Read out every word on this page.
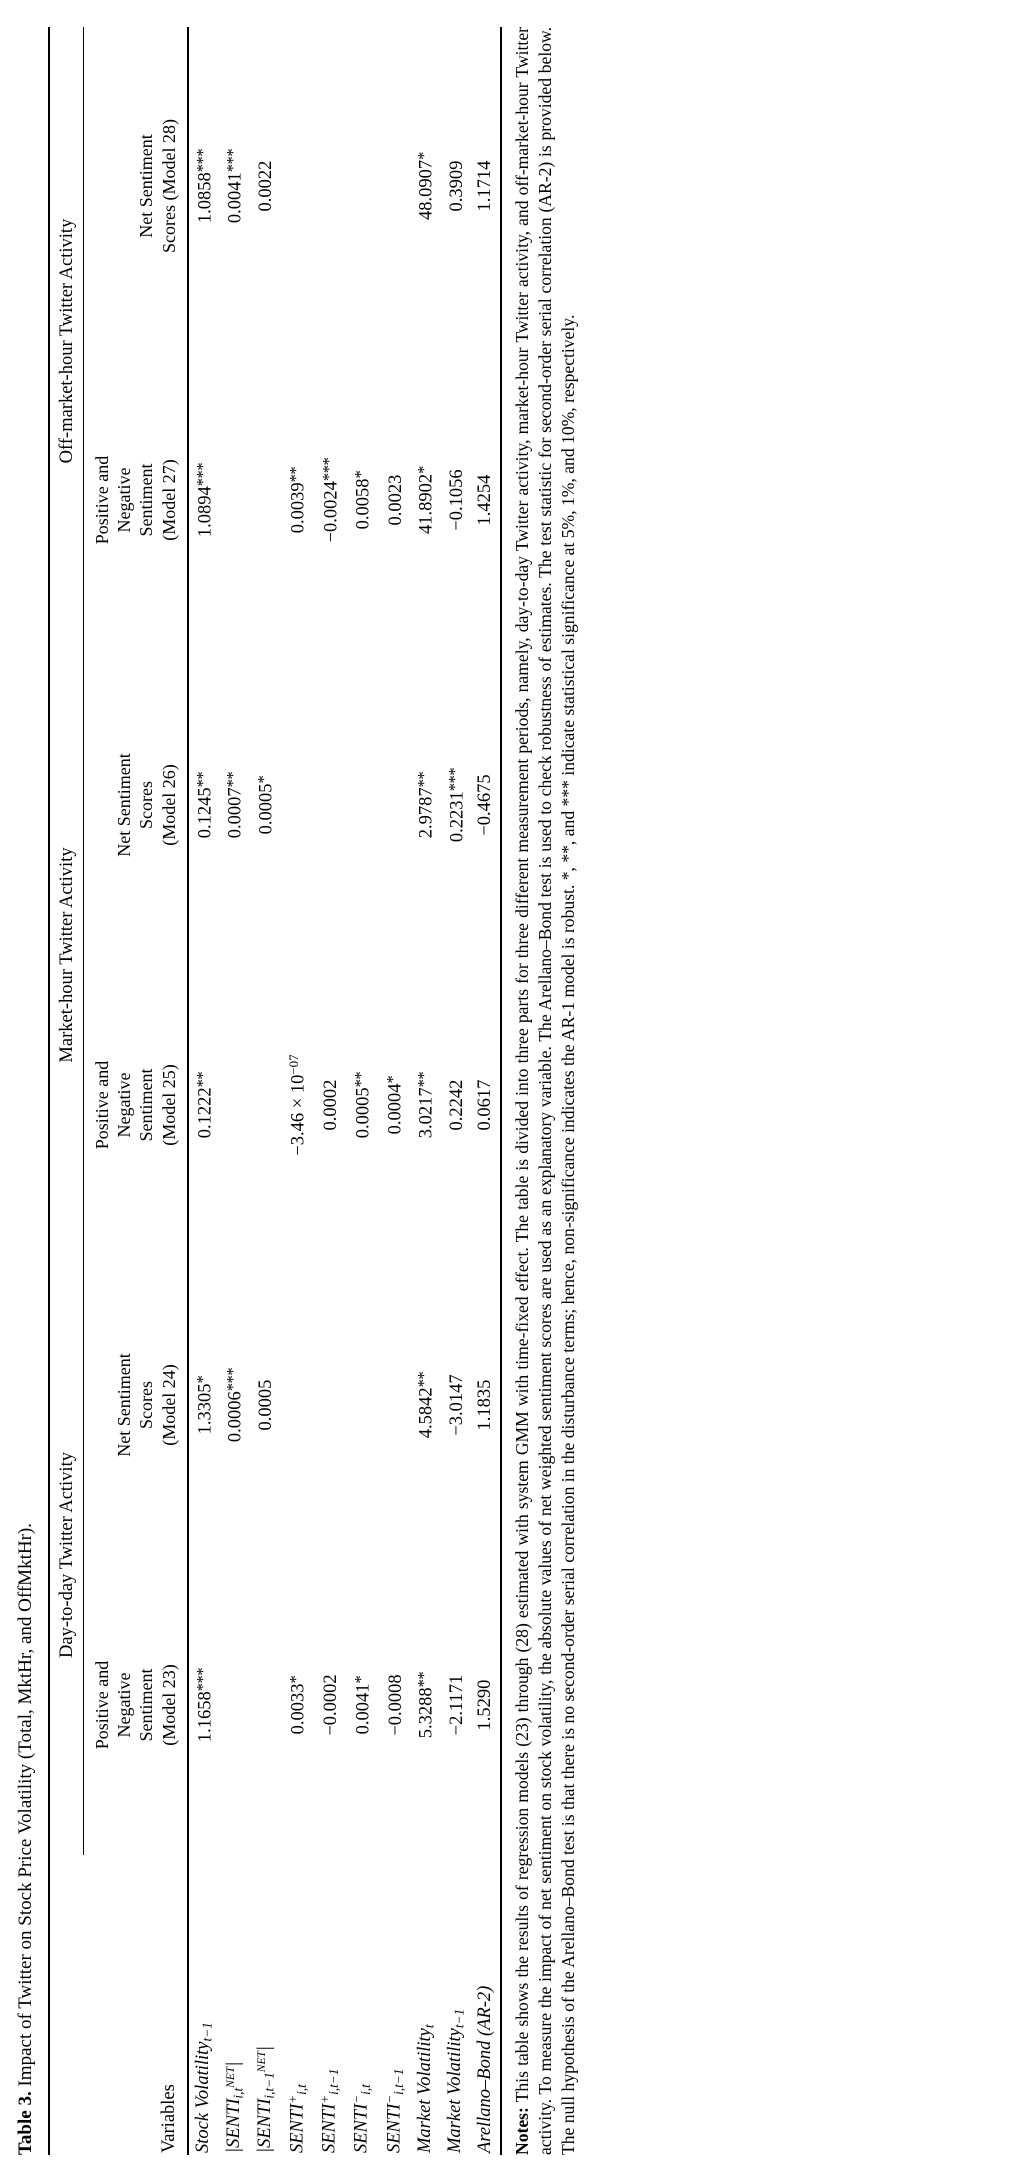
Table 3. Impact of Twitter on Stock Price Volatility (Total, MktHr, and OffMktHr).
	Day-to-day Twitter Activity		Market-hour Twitter Activity		Off-market-hour Twitter Activity	
Variables	Positive and Negative Sentiment (Model 23)	Net Sentiment Scores (Model 24)	Positive and Negative Sentiment (Model 25)	Net Sentiment Scores (Model 26)	Positive and Negative Sentiment (Model 27)	Net Sentiment Scores (Model 28)
Stock Volatility$_{t-1}$	1.1658***	1.3305*	0.1222**	0.1245**	1.0894***	1.0858***
$|SENTI_{i,t}^{NET}|$		0.0006***		0.0007**		0.0041***
$|SENTI_{i,t-1}^{NET}|$		0.0005		0.0005*		0.0022
$SENTI^+_{i,t}$	0.0033*		$-3.46 \times 10^{-07}$		0.0039**	
$SENTI^+_{i,t-1}$	−0.0002		0.0002		−0.0024***	
$SENTI^-_{i,t}$	0.0041*		0.0005**		0.0058*	
$SENTI^-_{i,t-1}$	−0.0008		0.0004*		0.0023	
Market Volatility$_t$	5.3288**	4.5842**	3.0217**	2.9787**	41.8902*	48.0907*
Market Volatility$_{t-1}$	−2.1171	−3.0147	0.2242	0.2231***	−0.1056	0.3909
Arellano–Bond (AR-2)	1.5290	1.1835	0.0617	−0.4675	1.4254	1.1714
Notes: This table shows the results of regression models (23) through (28) estimated with system GMM with time-fixed effect. The table is divided into three parts for three different measurement periods, namely, day-to-day Twitter activity, market-hour Twitter activity, and off-market-hour Twitter activity. To measure the impact of net sentiment on stock volatility, the absolute values of net weighted sentiment scores are used as an explanatory variable. The Arellano–Bond test is used to check robustness of estimates. The test statistic for second-order serial correlation (AR-2) is provided below. The null hypothesis of the Arellano–Bond test is that there is no second-order serial correlation in the disturbance terms; hence, non-significance indicates the AR-1 model is robust. *, **, and *** indicate statistical significance at 5%, 1%, and 10%, respectively.
